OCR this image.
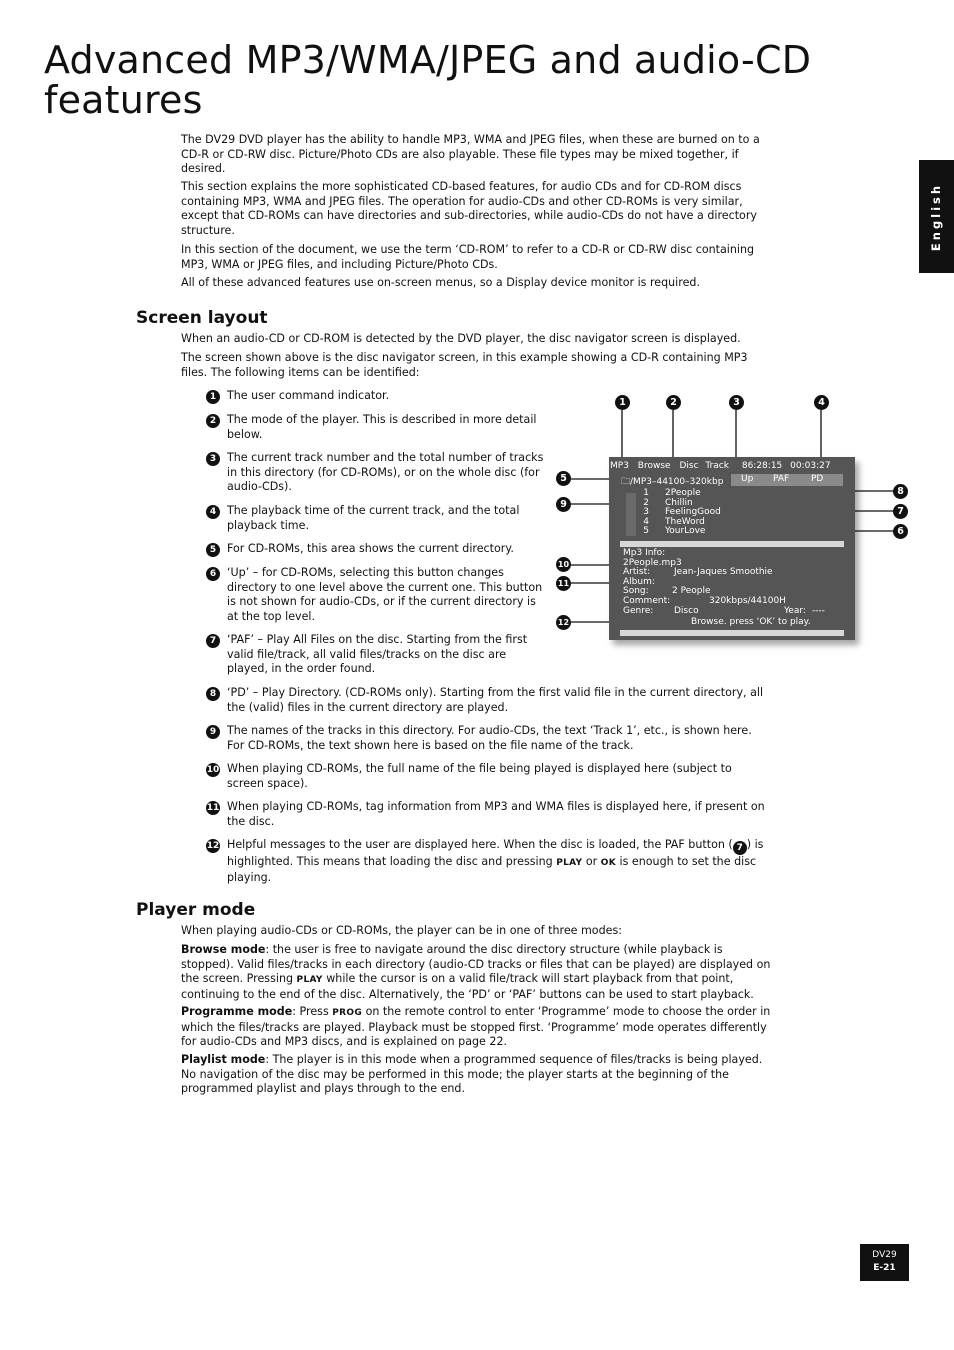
Advanced MP3/WMA/JPEG and audio-CD features
English

The DV29 DVD player has the ability to handle MP3, WMA and JPEG files, when these are burned on to a CD-R or CD-RW disc. Picture/Photo CDs are also playable. These file types may be mixed together, if desired.

This section explains the more sophisticated CD-based features, for audio CDs and for CD-ROM discs containing MP3, WMA and JPEG files. The operation for audio-CDs and other CD-ROMs is very similar, except that CD-ROMs can have directories and sub-directories, while audio-CDs do not have a directory structure.

In this section of the document, we use the term ‘CD-ROM’ to refer to a CD-R or CD-RW disc containing MP3, WMA or JPEG files, and including Picture/Photo CDs.

All of these advanced features use on-screen menus, so a Display device monitor is required.

Screen layout

When an audio-CD or CD-ROM is detected by the DVD player, the disc navigator screen is displayed.

The screen shown above is the disc navigator screen, in this example showing a CD-R containing MP3 files. The following items can be identified:

1 The user command indicator.
2 The mode of the player. This is described in more detail below.
3 The current track number and the total number of tracks in this directory (for CD-ROMs), or on the whole disc (for audio-CDs).
4 The playback time of the current track, and the total playback time.
5 For CD-ROMs, this area shows the current directory.
6 ‘Up’ – for CD-ROMs, selecting this button changes directory to one level above the current one. This button is not shown for audio-CDs, or if the current directory is at the top level.
7 ‘PAF’ – Play All Files on the disc. Starting from the first valid file/track, all valid files/tracks on the disc are played, in the order found.
8 ‘PD’ – Play Directory. (CD-ROMs only). Starting from the first valid file in the current directory, all the (valid) files in the current directory are played.
9 The names of the tracks in this directory. For audio-CDs, the text ‘Track 1’, etc., is shown here. For CD-ROMs, the text shown here is based on the file name of the track.
10 When playing CD-ROMs, the full name of the file being played is displayed here (subject to screen space).
11 When playing CD-ROMs, tag information from MP3 and WMA files is displayed here, if present on the disc.
12 Helpful messages to the user are displayed here. When the disc is loaded, the PAF button ( 7 ) is highlighted. This means that loading the disc and pressing PLAY or OK is enough to set the disc playing.
MP3 Browse Disc Track 86:28:15 00:03:27
🗀/MP3–44100–320kbp Up PAF PD
1 2People
2 Chillin
3 FeelingGood
4 TheWord
5 YourLove
Mp3 Info:
2People.mp3
Artist:	Jean-Jaques Smoothie
Album:
Song:	2 People
Comment:	320kbps/44100H
Genre: Disco	Year: ----
Browse. press ‘OK’ to play.
1	2	3	4
5
9
10
11
12
8
7
6
Player mode

When playing audio-CDs or CD-ROMs, the player can be in one of three modes:

Browse mode: the user is free to navigate around the disc directory structure (while playback is stopped). Valid files/tracks in each directory (audio-CD tracks or files that can be played) are displayed on the screen. Pressing PLAY while the cursor is on a valid file/track will start playback from that point, continuing to the end of the disc. Alternatively, the ‘PD’ or ‘PAF’ buttons can be used to start playback.

Programme mode: Press PROG on the remote control to enter ‘Programme’ mode to choose the order in which the files/tracks are played. Playback must be stopped first. ‘Programme’ mode operates differently for audio-CDs and MP3 discs, and is explained on page 22.

Playlist mode: The player is in this mode when a programmed sequence of files/tracks is being played. No navigation of the disc may be performed in this mode; the player starts at the beginning of the programmed playlist and plays through to the end.

DV29
E-21
